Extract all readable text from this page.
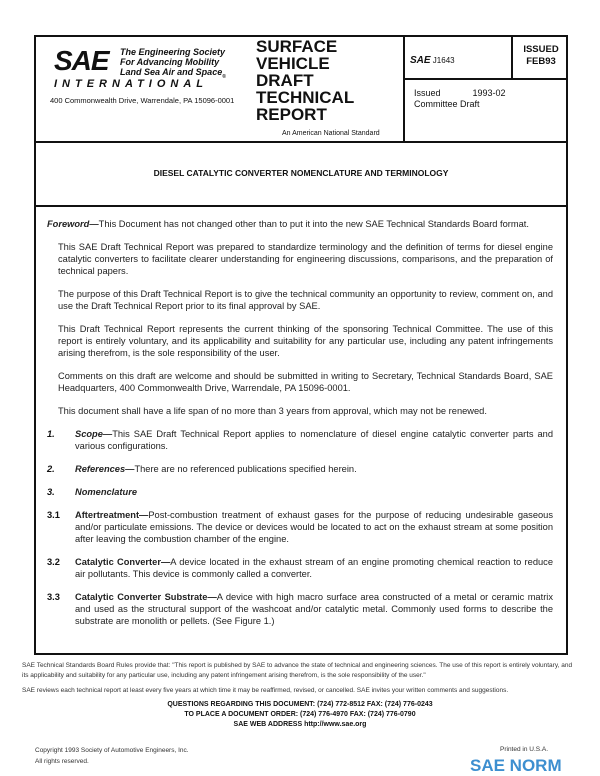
SAE The Engineering Society
For Advancing Mobility
Land Sea Air and Space$_®$
INTERNATIONAL
400 Commonwealth Drive, Warrendale, PA 15096-0001
SURFACE
VEHICLE
DRAFT
TECHNICAL
REPORT
An American National Standard
SAE J1643
ISSUED
FEB93
Issued	1993-02
Committee Draft
DIESEL CATALYTIC CONVERTER NOMENCLATURE AND TERMINOLOGY
Foreword—This Document has not changed other than to put it into the new SAE Technical Standards Board format.
This SAE Draft Technical Report was prepared to standardize terminology and the definition of terms for diesel engine catalytic converters to facilitate clearer understanding for engineering discussions, comparisons, and the preparation of technical papers.
The purpose of this Draft Technical Report is to give the technical community an opportunity to review, comment on, and use the Draft Technical Report prior to its final approval by SAE.
This Draft Technical Report represents the current thinking of the sponsoring Technical Committee. The use of this report is entirely voluntary, and its applicability and suitability for any particular use, including any patent infringements arising therefrom, is the sole responsibility of the user.
Comments on this draft are welcome and should be submitted in writing to Secretary, Technical Standards Board, SAE Headquarters, 400 Commonwealth Drive, Warrendale, PA 15096-0001.
This document shall have a life span of no more than 3 years from approval, which may not be renewed.
1.	Scope—This SAE Draft Technical Report applies to nomenclature of diesel engine catalytic converter parts and various configurations.
2.	References—There are no referenced publications specified herein.
3.	Nomenclature
3.1	Aftertreatment—Post-combustion treatment of exhaust gases for the purpose of reducing undesirable gaseous and/or particulate emissions. The device or devices would be located to act on the exhaust stream at some position after leaving the combustion chamber of the engine.
3.2	Catalytic Converter—A device located in the exhaust stream of an engine promoting chemical reaction to reduce air pollutants. This device is commonly called a converter.
3.3	Catalytic Converter Substrate—A device with high macro surface area constructed of a metal or ceramic matrix and used as the structural support of the washcoat and/or catalytic metal. Commonly used forms to describe the substrate are monolith or pellets. (See Figure 1.)
SAE Technical Standards Board Rules provide that: "This report is published by SAE to advance the state of technical and engineering sciences. The use of this report is entirely voluntary, and its applicability and suitability for any particular use, including any patent infringement arising therefrom, is the sole responsibility of the user."
SAE reviews each technical report at least every five years at which time it may be reaffirmed, revised, or cancelled. SAE invites your written comments and suggestions.
QUESTIONS REGARDING THIS DOCUMENT: (724) 772-8512 FAX: (724) 776-0243
TO PLACE A DOCUMENT ORDER: (724) 776-4970 FAX: (724) 776-0790
SAE WEB ADDRESS http://www.sae.org
Copyright 1993 Society of Automotive Engineers, Inc.
All rights reserved.
Printed in U.S.A.
SAE NORM
